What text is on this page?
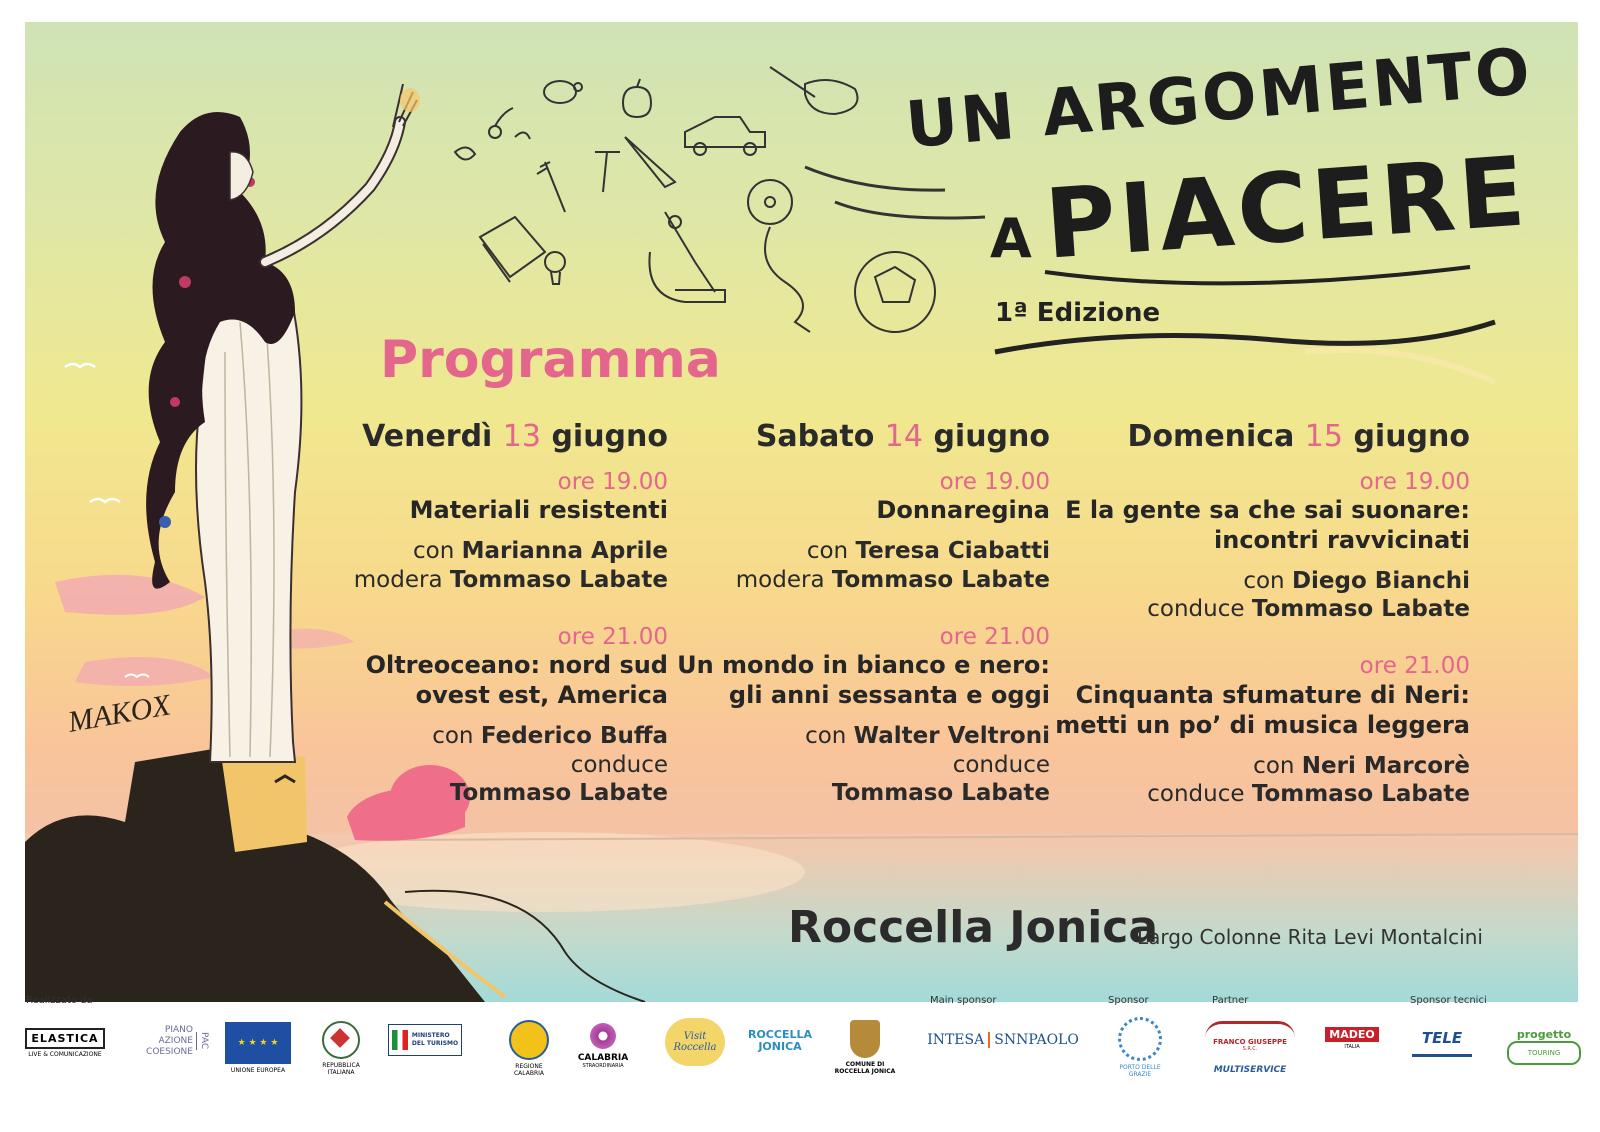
MAKOX
UN ARGOMENTO
A PIACERE
1ª Edizione
Programma
Venerdì 13 giugno
ore 19.00
Materiali resistenti
con Marianna Aprile
modera Tommaso Labate
ore 21.00
Oltreoceano: nord sud
ovest est, America
con Federico Buffa
conduce
Tommaso Labate
Sabato 14 giugno
ore 19.00
Donnaregina
con Teresa Ciabatti
modera Tommaso Labate
ore 21.00
Un mondo in bianco e nero:
gli anni sessanta e oggi
con Walter Veltroni
conduce
Tommaso Labate
Domenica 15 giugno
ore 19.00
E la gente sa che sai suonare:
incontri ravvicinati
con Diego Bianchi
conduce Tommaso Labate
ore 21.00
Cinquanta sfumature di Neri:
metti un po’ di musica leggera
con Neri Marcorè
conduce Tommaso Labate
Roccella Jonica
Largo Colonne Rita Levi Montalcini
Realizzato da	Main sponsor	Sponsor	Partner	Sponsor tecnici
ELASTICA
LIVE & COMUNICAZIONE
PIANO
AZIONE
COESIONE
PAC	★ ★ ★ ★
UNIONE EUROPEA
REPUBBLICA
ITALIANA
MINISTERO
DEL TURISMO
REGIONE
CALABRIA
CALABRIA
STRAORDINARIA
Visit Roccella
ROCCELLA
JONICA
COMUNE DI
ROCCELLA JONICA
INTESA SNNPAOLO
PORTO DELLE GRAZIE
FRANCO GIUSEPPE
S.R.C.
MULTISERVICE
MADEO
ITALIA	TELE	progetto
TOURING
